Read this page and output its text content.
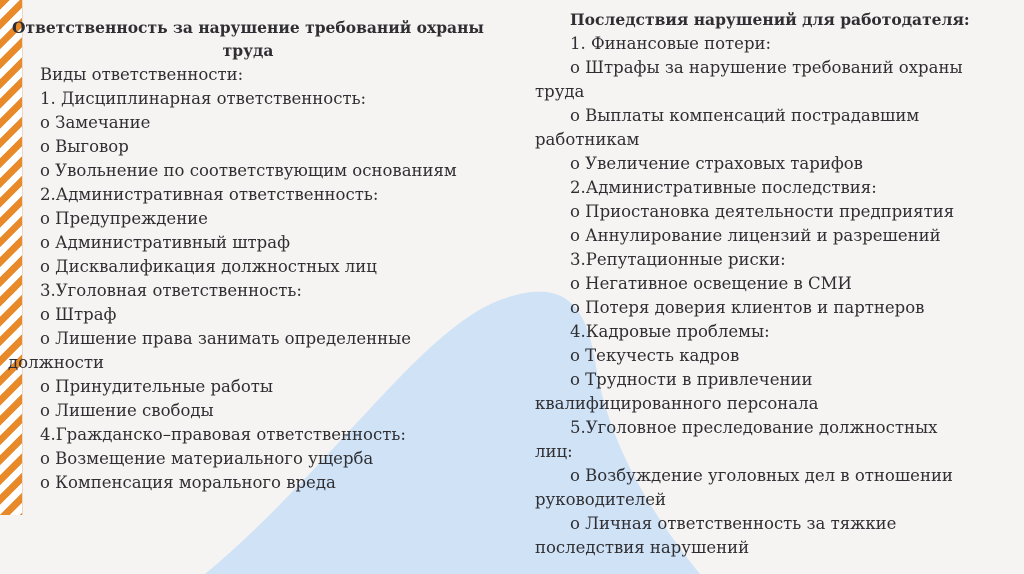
Ответственность за нарушение требований охраны труда
Виды ответственности:
1. Дисциплинарная ответственность:
o Замечание
o Выговор
o Увольнение по соответствующим основаниям
2.Административная ответственность:
o Предупреждение
o Административный штраф
o Дисквалификация должностных лиц
3.Уголовная ответственность:
o Штраф
o Лишение права занимать определенные
должности
o Принудительные работы
o Лишение свободы
4.Гражданско–правовая ответственность:
o Возмещение материального ущерба
o Компенсация морального вреда
Последствия нарушений для работодателя:
1. Финансовые потери:
o Штрафы за нарушение требований охраны
труда
o Выплаты компенсаций пострадавшим
работникам
o Увеличение страховых тарифов
2.Административные последствия:
o Приостановка деятельности предприятия
o Аннулирование лицензий и разрешений
3.Репутационные риски:
o Негативное освещение в СМИ
o Потеря доверия клиентов и партнеров
4.Кадровые проблемы:
o Текучесть кадров
o Трудности в привлечении
квалифицированного персонала
5.Уголовное преследование должностных
лиц:
o Возбуждение уголовных дел в отношении
руководителей
o Личная ответственность за тяжкие
последствия нарушений
